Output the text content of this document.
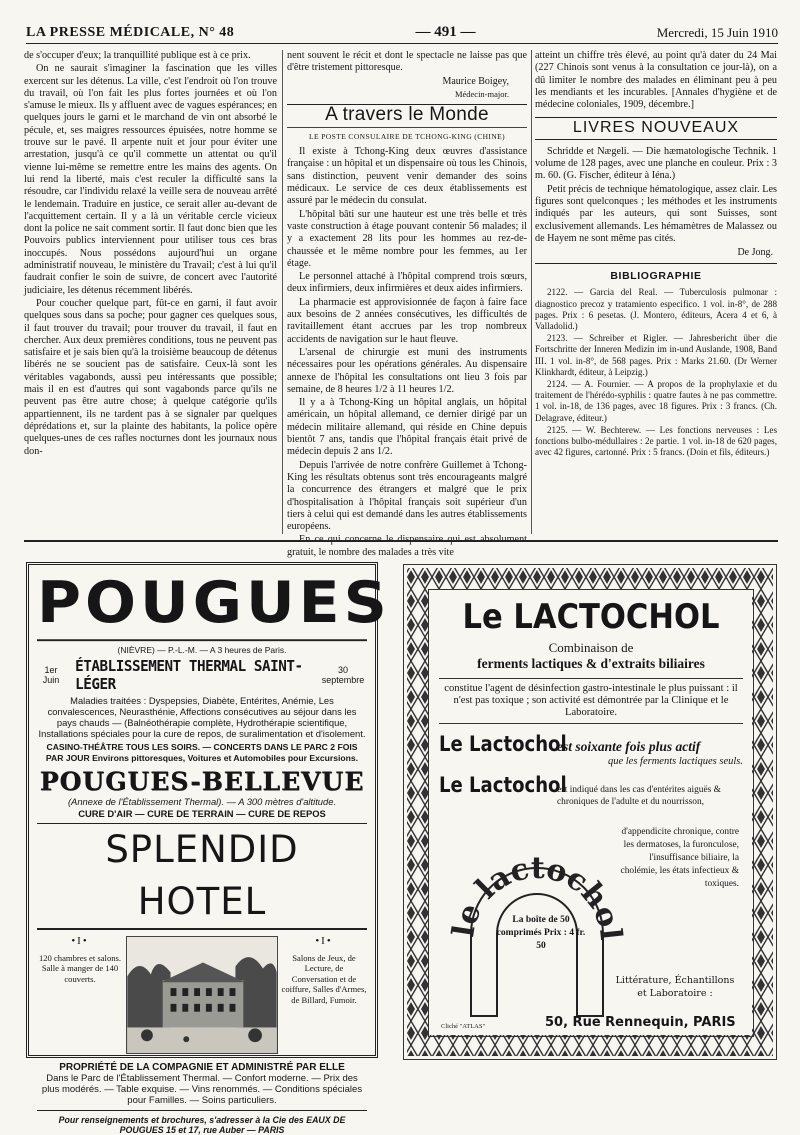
LA PRESSE MÉDICALE, N° 48	— 491 —	Mercredi, 15 Juin 1910

de s'occuper d'eux; la tranquillité publique est à ce prix.

On ne saurait s'imaginer la fascination que les villes exercent sur les détenus. La ville, c'est l'endroit où l'on trouve du travail, où l'on fait les plus fortes journées et où l'on s'amuse le mieux. Ils y affluent avec de vagues espérances; en quelques jours le garni et le marchand de vin ont absorbé le pécule, et, ses maigres ressources épuisées, notre homme se trouve sur le pavé. Il arpente nuit et jour pour éviter une arrestation, jusqu'à ce qu'il commette un attentat ou qu'il vienne lui-même se remettre entre les mains des agents. On lui rend la liberté, mais c'est reculer la difficulté sans la résoudre, car l'individu relaxé la veille sera de nouveau arrêté le lendemain. Traduire en justice, ce serait aller au-devant de l'acquittement certain. Il y a là un véritable cercle vicieux dont la police ne sait comment sortir. Il faut donc bien que les Pouvoirs publics interviennent pour utiliser tous ces bras inoccupés. Nous possédons aujourd'hui un organe administratif nouveau, le ministère du Travail; c'est à lui qu'il faudrait confier le soin de suivre, de concert avec l'autorité judiciaire, les détenus récemment libérés.

Pour coucher quelque part, fût-ce en garni, il faut avoir quelques sous dans sa poche; pour gagner ces quelques sous, il faut trouver du travail; pour trouver du travail, il faut en chercher. Aux deux premières conditions, tous ne peuvent pas satisfaire et je sais bien qu'à la troisième beaucoup de détenus libérés ne se soucient pas de satisfaire. Ceux-là sont les véritables vagabonds, aussi peu intéressants que possible; mais il en est d'autres qui sont vagabonds parce qu'ils ne peuvent pas être autre chose; à quelque catégorie qu'ils appartiennent, ils ne tardent pas à se signaler par quelques déprédations et, sur la plainte des habitants, la police opère quelques-unes de ces rafles nocturnes dont les journaux nous don-

nent souvent le récit et dont le spectacle ne laisse pas que d'être tristement pittoresque.

Maurice Boigey,
Médecin-major.
A travers le Monde
LE POSTE CONSULAIRE DE TCHONG-KING (CHINE)

Il existe à Tchong-King deux œuvres d'assistance française : un hôpital et un dispensaire où tous les Chinois, sans distinction, peuvent venir demander des soins médicaux. Le service de ces deux établissements est assuré par le médecin du consulat.

L'hôpital bâti sur une hauteur est une très belle et très vaste construction à étage pouvant contenir 56 malades; il y a exactement 28 lits pour les hommes au rez-de-chaussée et le même nombre pour les femmes, au 1er étage.

Le personnel attaché à l'hôpital comprend trois sœurs, deux infirmiers, deux infirmières et deux aides infirmiers.

La pharmacie est approvisionnée de façon à faire face aux besoins de 2 années consécutives, les difficultés de ravitaillement étant accrues par les trop nombreux accidents de navigation sur le haut fleuve.

L'arsenal de chirurgie est muni des instruments nécessaires pour les opérations générales. Au dispensaire annexe de l'hôpital les consultations ont lieu 3 fois par semaine, de 8 heures 1/2 à 11 heures 1/2.

Il y a à Tchong-King un hôpital anglais, un hôpital américain, un hôpital allemand, ce dernier dirigé par un médecin militaire allemand, qui réside en Chine depuis bientôt 7 ans, tandis que l'hôpital français était privé de médecin depuis 2 ans 1/2.

Depuis l'arrivée de notre confrère Guillemet à Tchong-King les résultats obtenus sont très encourageants malgré la concurrence des étrangers et malgré que le prix d'hospitalisation à l'hôpital français soit supérieur d'un tiers à celui qui est demandé dans les autres établissements européens.

En ce qui concerne le dispensaire qui est absolument gratuit, le nombre des malades a très vite

atteint un chiffre très élevé, au point qu'à dater du 24 Mai (227 Chinois sont venus à la consultation ce jour-là), on a dû limiter le nombre des malades en éliminant peu à peu les mendiants et les incurables. [Annales d'hygiène et de médecine coloniales, 1909, décembre.]

LIVRES NOUVEAUX

Schridde et Nægeli. — Die hæmatologische Technik. 1 volume de 128 pages, avec une planche en couleur. Prix : 3 m. 60. (G. Fischer, éditeur à Iéna.)

Petit précis de technique hématologique, assez clair. Les figures sont quelconques ; les méthodes et les instruments indiqués par les auteurs, qui sont Suisses, sont exclusivement allemands. Les hémamètres de Malassez ou de Hayem ne sont même pas cités.

De Jong.
BIBLIOGRAPHIE

2122. — Garcia del Real. — Tuberculosis pulmonar : diagnostico precoz y tratamiento especifico. 1 vol. in-8°, de 288 pages. Prix : 6 pesetas. (J. Montero, éditeurs, Acera 4 et 6, à Valladolid.)

2123. — Schreiber et Rigler. — Jahresbericht über die Fortschritte der Inneren Medizin im in-und Auslande, 1908, Band III. 1 vol. in-8°, de 568 pages. Prix : Marks 21.60. (Dr Werner Klinkhardt, éditeur, à Leipzig.)

2124. — A. Fournier. — A propos de la prophylaxie et du traitement de l'hérédo-syphilis : quatre fautes à ne pas commettre. 1 vol. in-18, de 136 pages, avec 18 figures. Prix : 3 francs. (Ch. Delagrave, éditeur.)

2125. — W. Bechterew. — Les fonctions nerveuses : Les fonctions bulbo-médullaires : 2e partie. 1 vol. in-18 de 620 pages, avec 42 figures, cartonné. Prix : 5 francs. (Doin et fils, éditeurs.)

POUGUES
(NIÈVRE) — P.-L.-M. — A 3 heures de Paris.
1er Juin
ÉTABLISSEMENT THERMAL SAINT-LÉGER
30 septembre
Maladies traitées : Dyspepsies, Diabète, Entérites, Anémie, Les convalescences, Neurasthénie, Affections consécutives au séjour dans les pays chauds — (Balnéothérapie complète, Hydrothérapie scientifique, Installations spéciales pour la cure de repos, de suralimentation et d'isolement.
CASINO-THÉÂTRE TOUS LES SOIRS. — CONCERTS DANS LE PARC 2 FOIS PAR JOUR Environs pittoresques, Voitures et Automobiles pour Excursions.
POUGUES-BELLEVUE
(Annexe de l'Établissement Thermal). — A 300 mètres d'altitude.
CURE D'AIR — CURE DE TERRAIN — CURE DE REPOS
SPLENDID HOTEL
•I•
120 chambres et salons. Salle à manger de 140 couverts.
•I•
Salons de Jeux, de Lecture, de Conversation et de coiffure, Salles d'Armes, de Billard, Fumoir.
PROPRIÉTÉ DE LA COMPAGNIE ET ADMINISTRÉ PAR ELLE
Dans le Parc de l'Établissement Thermal. — Confort moderne. — Prix des plus modérés. — Table exquise. — Vins renommés. — Conditions spéciales pour Familles. — Soins particuliers.
Pour renseignements et brochures, s'adresser à la Cie des EAUX DE POUGUES 15 et 17, rue Auber — PARIS
Le LACTOCHOL
Combinaison de
ferments lactiques & d'extraits biliaires
constitue l'agent de désinfection gastro-intestinale le plus puissant : il n'est pas toxique ; son activité est démontrée par la Clinique et le Laboratoire.
Le Lactochol
est soixante fois plus actif
que les ferments lactiques seuls.
Le Lactochol
est indiqué dans les cas d'entérites aiguës & chroniques de l'adulte et du nourrisson,
le lactochol
d'appendicite chronique, contre les dermatoses, la furonculose, l'insuffisance biliaire, la cholémie, les états infectieux & toxiques.
La boîte de 50 comprimés Prix : 4 fr. 50
Littérature, Échantillons et Laboratoire :
Cliché "ATLAS"	50, Rue Rennequin, PARIS
